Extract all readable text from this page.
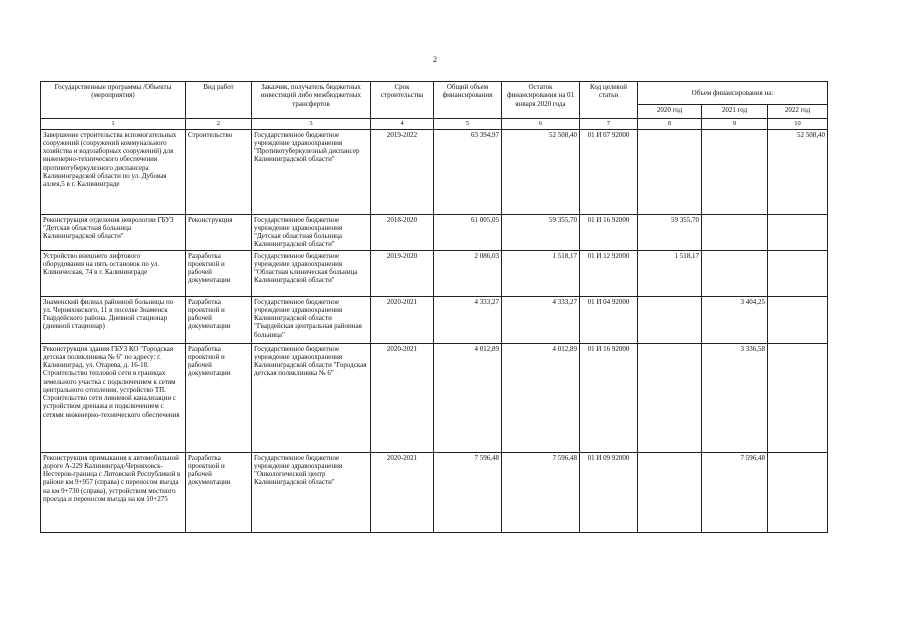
2
Государственные программы /Объекты (мероприятия)	Вид работ	Заказчик, получатель бюджетных инвестиций либо межбюджетных трансфертов	Срок строительства	Общий объем финансирования	Остаток финансирования на 01 января 2020 года	Код целевой статьи	Объем финансирования на:		
							2020 год	2021 год	2022 год
1	2	3	4	5	6	7	8	9	10
Завершение строительства вспомогательных сооружений (сооружений коммунального хозяйства и водозаборных сооружений) для инженерно-технического обеспечения противотуберкулезного диспансера Калининградской области по ул. Дубовая аллея,5 в г. Калининграде	Строительство	Государственное бюджетное учреждение здравоохранения "Противотуберкулезный диспансер Калининградской области"	2019-2022	63 394,97	52 508,40	01 И 07 92000			52 508,40
Реконструкция отделения неврологии ГБУЗ "Детская областная больница Калининградской области"	Реконструкция	Государственное бюджетное учреждение здравоохранения "Детская областная больница Калининградской области"	2018-2020	61 005,05	59 355,70	01 И 16 92000	59 355,70		
Устройство внешнего лифтового оборудования на пять остановок по ул. Клиническая, 74 в г. Калининграде	Разработка проектной и рабочей документации	Государственное бюджетное учреждение здравоохранения "Областная клиническая больница Калининградской области"	2019-2020	2 086,03	1 518,17	01 И 12 92000	1 518,17		
Знаменский филиал районной больницы по ул. Черняховского, 11 в поселке Знаменск Гвардейского района. Дневной стационар (дневной стационар)	Разработка проектной и рабочей документации	Государственное бюджетное учреждение здравоохранения Калининградской области "Гвардейская центральная районная больница"	2020-2021	4 333,27	4 333,27	01 И 04 92000		3 404,25	
Реконструкция здания ГБУЗ КО "Городская детская поликлиника № 6" по адресу: г. Калининград, ул. Отарева, д. 16-18. Строительство тепловой сети в границах земельного участка с подключением к сетям центрального отопления, устройство ТП. Строительство сети ливневой канализации с устройством дренажа и подключением с сетями инженерно-технического обеспечения	Разработка проектной и рабочей документации	Государственное бюджетное учреждение здравоохранения Калининградской области "Городская детская поликлиника № 6"	2020-2021	4 012,89	4 012,89	01 И 16 92000		3 336,58	
Реконструкция примыкания к автомобильной дороге А-229 Калининград-Черняховск-Нестеров-граница с Литовской Республикой в районе км 9+957 (справа) с переносом въезда на км 9+730 (справа), устройством местного проезда и переносом въезда на км 10+275	Разработка проектной и рабочей документации	Государственное бюджетное учреждение здравоохранения "Онкологический центр Калининградской области"	2020-2021	7 596,48	7 596,48	01 И 09 92000		7 596,48	
